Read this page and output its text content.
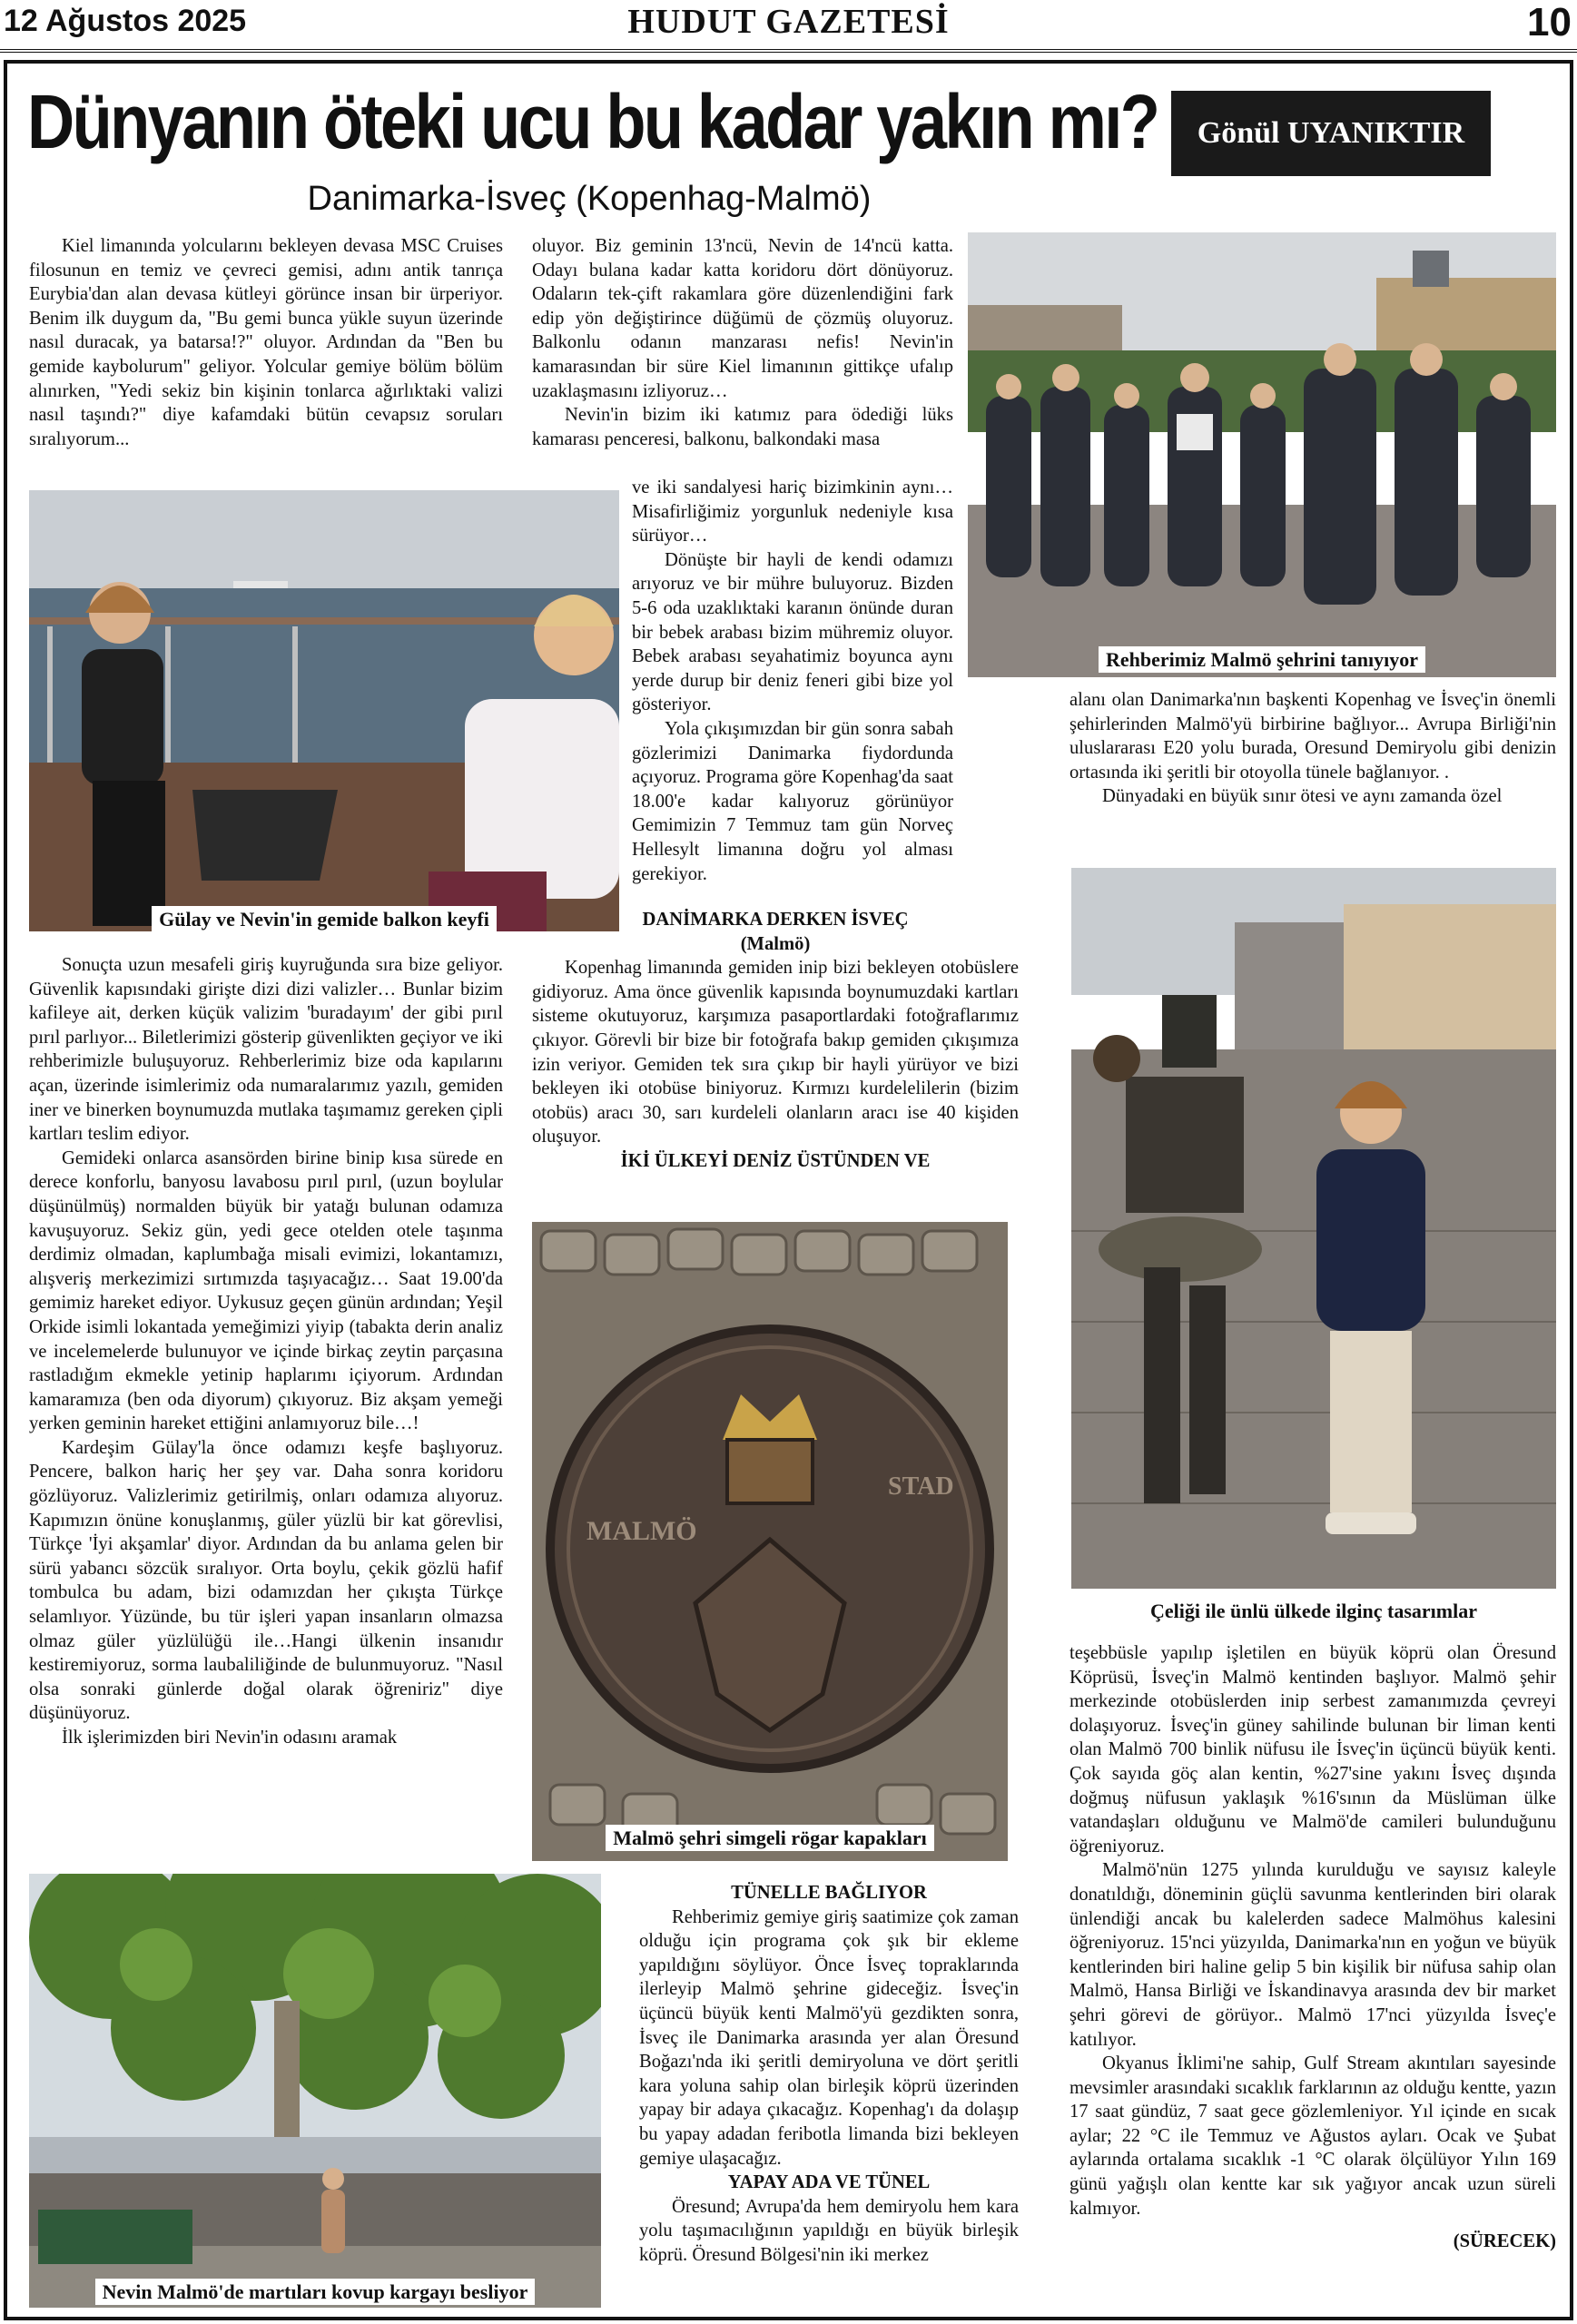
12 Ağustos 2025	HUDUT GAZETESİ	10
Dünyanın öteki ucu bu kadar yakın mı?	Gönül UYANIKTIR
Danimarka-İsveç (Kopenhag-Malmö)

Kiel limanında yolcularını bekleyen devasa MSC Cruises filosunun en temiz ve çevreci gemisi, adını antik tanrıça Eurybia'dan alan devasa kütleyi görünce insan bir ürperiyor. Benim ilk duygum da, "Bu gemi bunca yükle suyun üzerinde nasıl duracak, ya batarsa!?" oluyor. Ardından da "Ben bu gemide kaybolurum" geliyor. Yolcular gemiye bölüm bölüm alınırken, "Yedi sekiz bin kişinin tonlarca ağırlıktaki valizi nasıl taşındı?" diye kafamdaki bütün cevapsız soruları sıralıyorum...

Gülay ve Nevin'in gemide balkon keyfi

Sonuçta uzun mesafeli giriş kuyruğunda sıra bize geliyor. Güvenlik kapısındaki girişte dizi dizi valizler… Bunlar bizim kafileye ait, derken küçük valizim 'buradayım' der gibi pırıl pırıl parlıyor... Biletlerimizi gösterip güvenlikten geçiyor ve iki rehberimizle buluşuyoruz. Rehberlerimiz bize oda kapılarını açan, üzerinde isimlerimiz oda numaralarımız yazılı, gemiden iner ve binerken boynumuzda mutlaka taşımamız gereken çipli kartları teslim ediyor.

Gemideki onlarca asansörden birine binip kısa sürede en derece konforlu, banyosu lavabosu pırıl pırıl, (uzun boylular düşünülmüş) normalden büyük bir yatağı bulunan odamıza kavuşuyoruz. Sekiz gün, yedi gece otelden otele taşınma derdimiz olmadan, kaplumbağa misali evimizi, lokantamızı, alışveriş merkezimizi sırtımızda taşıyacağız… Saat 19.00'da gemimiz hareket ediyor. Uykusuz geçen günün ardından; Yeşil Orkide isimli lokantada yemeğimizi yiyip (tabakta derin analiz ve incelemelerde bulunuyor ve içinde birkaç zeytin parçasına rastladığım ekmekle yetinip haplarımı içiyorum. Ardından kamaramıza (ben oda diyorum) çıkıyoruz. Biz akşam yemeği yerken geminin hareket ettiğini anlamıyoruz bile…!

Kardeşim Gülay'la önce odamızı keşfe başlıyoruz. Pencere, balkon hariç her şey var. Daha sonra koridoru gözlüyoruz. Valizlerimiz getirilmiş, onları odamıza alıyoruz. Kapımızın önüne konuşlanmış, güler yüzlü bir kat görevlisi, Türkçe 'İyi akşamlar' diyor. Ardından da bu anlama gelen bir sürü yabancı sözcük sıralıyor. Orta boylu, çekik gözlü hafif tombulca bu adam, bizi odamızdan her çıkışta Türkçe selamlıyor. Yüzünde, bu tür işleri yapan insanların olmazsa olmaz güler yüzlülüğü ile…Hangi ülkenin insanıdır kestiremiyoruz, sorma laubaliliğinde de bulunmuyoruz. "Nasıl olsa sonraki günlerde doğal olarak öğreniriz" diye düşünüyoruz.

İlk işlerimizden biri Nevin'in odasını aramak

oluyor. Biz geminin 13'ncü, Nevin de 14'ncü katta. Odayı bulana kadar katta koridoru dört dönüyoruz. Odaların tek-çift rakamlara göre düzenlendiğini fark edip yön değiştirince düğümü de çözmüş oluyoruz. Balkonlu odanın manzarası nefis! Nevin'in kamarasından bir süre Kiel limanının gittikçe ufalıp uzaklaşmasını izliyoruz…

Nevin'in bizim iki katımız para ödediği lüks kamarası penceresi, balkonu, balkondaki masa

ve iki sandalyesi hariç bizimkinin aynı… Misafirliğimiz yorgunluk nedeniyle kısa sürüyor…

Dönüşte bir hayli de kendi odamızı arıyoruz ve bir mühre buluyoruz. Bizden 5-6 oda uzaklıktaki karanın önünde duran bir bebek arabası bizim mühremiz oluyor. Bebek arabası seyahatimiz boyunca aynı yerde durup bir deniz feneri gibi bize yol gösteriyor.

Yola çıkışımızdan bir gün sonra sabah gözlerimizi Danimarka fiydordunda açıyoruz. Programa göre Kopenhag'da saat 18.00'e kadar kalıyoruz görünüyor Gemimizin 7 Temmuz tam gün Norveç Hellesylt limanına doğru yol alması gerekiyor.

DANİMARKA DERKEN İSVEÇ

(Malmö)

Kopenhag limanında gemiden inip bizi bekleyen otobüslere gidiyoruz. Ama önce güvenlik kapısında boynumuzdaki kartları sisteme okutuyoruz, karşımıza pasaportlardaki fotoğraflarımız çıkıyor. Görevli bir bize bir fotoğrafa bakıp gemiden çıkışımıza izin veriyor. Gemiden tek sıra çıkıp bir hayli yürüyor ve bizi bekleyen iki otobüse biniyoruz. Kırmızı kurdelelilerin (bizim otobüs) aracı 30, sarı kurdeleli olanların aracı ise 40 kişiden oluşuyor.

İKİ ÜLKEYİ DENİZ ÜSTÜNDEN VE

MALMÖ
STAD
Malmö şehri simgeli rögar kapakları

TÜNELLE BAĞLIYOR

Rehberimiz gemiye giriş saatimize çok zaman olduğu için programa çok şık bir ekleme yapıldığını söylüyor. Önce İsveç topraklarında ilerleyip Malmö şehrine gideceğiz. İsveç'in üçüncü büyük kenti Malmö'yü gezdikten sonra, İsveç ile Danimarka arasında yer alan Öresund Boğazı'nda iki şeritli demiryoluna ve dört şeritli kara yoluna sahip olan birleşik köprü üzerinden yapay bir adaya çıkacağız. Kopenhag'ı da dolaşıp bu yapay adadan feribotla limanda bizi bekleyen gemiye ulaşacağız.

YAPAY ADA VE TÜNEL

Öresund; Avrupa'da hem demiryolu hem kara yolu taşımacılığının yapıldığı en büyük birleşik köprü. Öresund Bölgesi'nin iki merkez

Rehberimiz Malmö şehrini tanıyıyor

alanı olan Danimarka'nın başkenti Kopenhag ve İsveç'in önemli şehirlerinden Malmö'yü birbirine bağlıyor... Avrupa Birliği'nin uluslararası E20 yolu burada, Oresund Demiryolu gibi denizin ortasında iki şeritli bir otoyolla tünele bağlanıyor. .

Dünyadaki en büyük sınır ötesi ve aynı zamanda özel

Çeliği ile ünlü ülkede ilginç tasarımlar

teşebbüsle yapılıp işletilen en büyük köprü olan Öresund Köprüsü, İsveç'in Malmö kentinden başlıyor. Malmö şehir merkezinde otobüslerden inip serbest zamanımızda çevreyi dolaşıyoruz. İsveç'in güney sahilinde bulunan bir liman kenti olan Malmö 700 binlik nüfusu ile İsveç'in üçüncü büyük kenti. Çok sayıda göç alan kentin, %27'sine yakını İsveç dışında doğmuş nüfusun yaklaşık %16'sının da Müslüman ülke vatandaşları olduğunu ve Malmö'de camileri bulunduğunu öğreniyoruz.

Malmö'nün 1275 yılında kurulduğu ve sayısız kaleyle donatıldığı, döneminin güçlü savunma kentlerinden biri olarak ünlendiği ancak bu kalelerden sadece Malmöhus kalesini öğreniyoruz. 15'nci yüzyılda, Danimarka'nın en yoğun ve büyük kentlerinden biri haline gelip 5 bin kişilik bir nüfusa sahip olan Malmö, Hansa Birliği ve İskandinavya arasında dev bir market şehri görevi de görüyor.. Malmö 17'nci yüzyılda İsveç'e katılıyor.

Okyanus İklimi'ne sahip, Gulf Stream akıntıları sayesinde mevsimler arasındaki sıcaklık farklarının az olduğu kentte, yazın 17 saat gündüz, 7 saat gece gözlemleniyor. Yıl içinde en sıcak aylar; 22 °C ile Temmuz ve Ağustos ayları. Ocak ve Şubat aylarında ortalama sıcaklık -1 °C olarak ölçülüyor Yılın 169 günü yağışlı olan kentte kar sık yağıyor ancak uzun süreli kalmıyor.

(SÜRECEK)

Nevin Malmö'de martıları kovup kargayı besliyor
